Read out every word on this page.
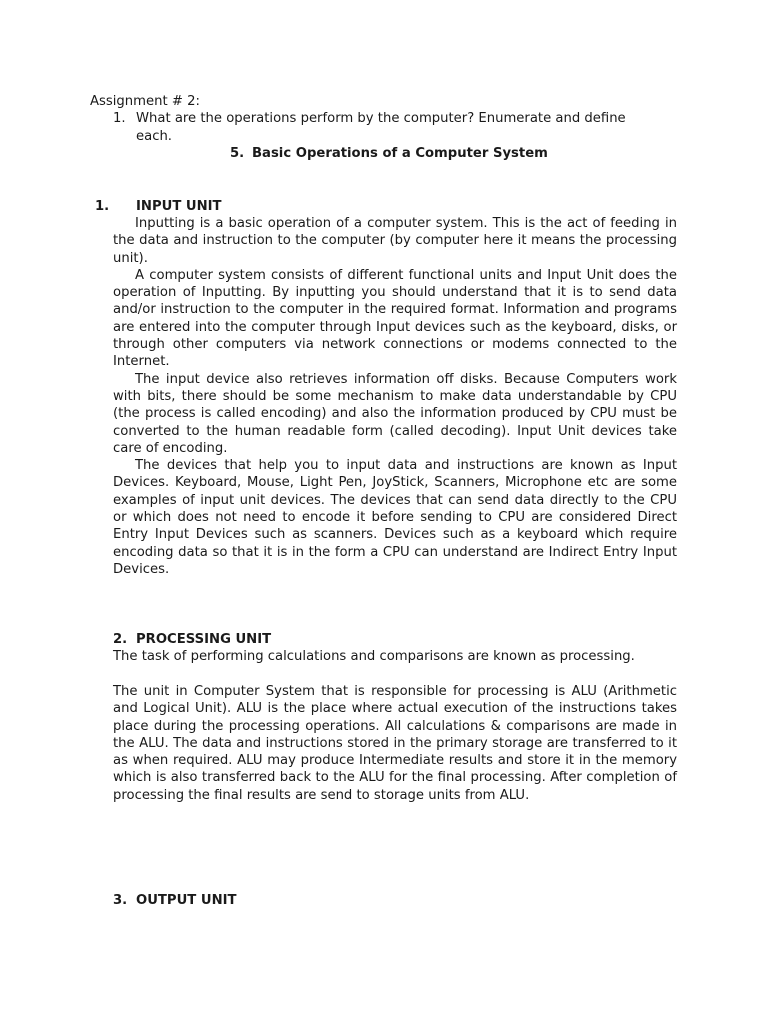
Assignment # 2:
1. What are the operations perform by the computer? Enumerate and define
each.
5. Basic Operations of a Computer System
1. INPUT UNIT

Inputting is a basic operation of a computer system. This is the act of feeding in the data and instruction to the computer (by computer here it means the processing unit).

A computer system consists of different functional units and Input Unit does the operation of Inputting. By inputting you should understand that it is to send data and/or instruction to the computer in the required format. Information and programs are entered into the computer through Input devices such as the keyboard, disks, or through other computers via network connections or modems connected to the Internet.

The input device also retrieves information off disks. Because Computers work with bits, there should be some mechanism to make data understandable by CPU (the process is called encoding) and also the information produced by CPU must be converted to the human readable form (called decoding). Input Unit devices take care of encoding.

The devices that help you to input data and instructions are known as Input Devices. Keyboard, Mouse, Light Pen, JoyStick, Scanners, Microphone etc are some examples of input unit devices. The devices that can send data directly to the CPU or which does not need to encode it before sending to CPU are considered Direct Entry Input Devices such as scanners. Devices such as a keyboard which require encoding data so that it is in the form a CPU can understand are Indirect Entry Input Devices.

2. PROCESSING UNIT
The task of performing calculations and comparisons are known as processing.

The unit in Computer System that is responsible for processing is ALU (Arithmetic and Logical Unit). ALU is the place where actual execution of the instructions takes place during the processing operations. All calculations & comparisons are made in the ALU. The data and instructions stored in the primary storage are transferred to it as when required. ALU may produce Intermediate results and store it in the memory which is also transferred back to the ALU for the final processing. After completion of processing the final results are send to storage units from ALU.

3. OUTPUT UNIT
